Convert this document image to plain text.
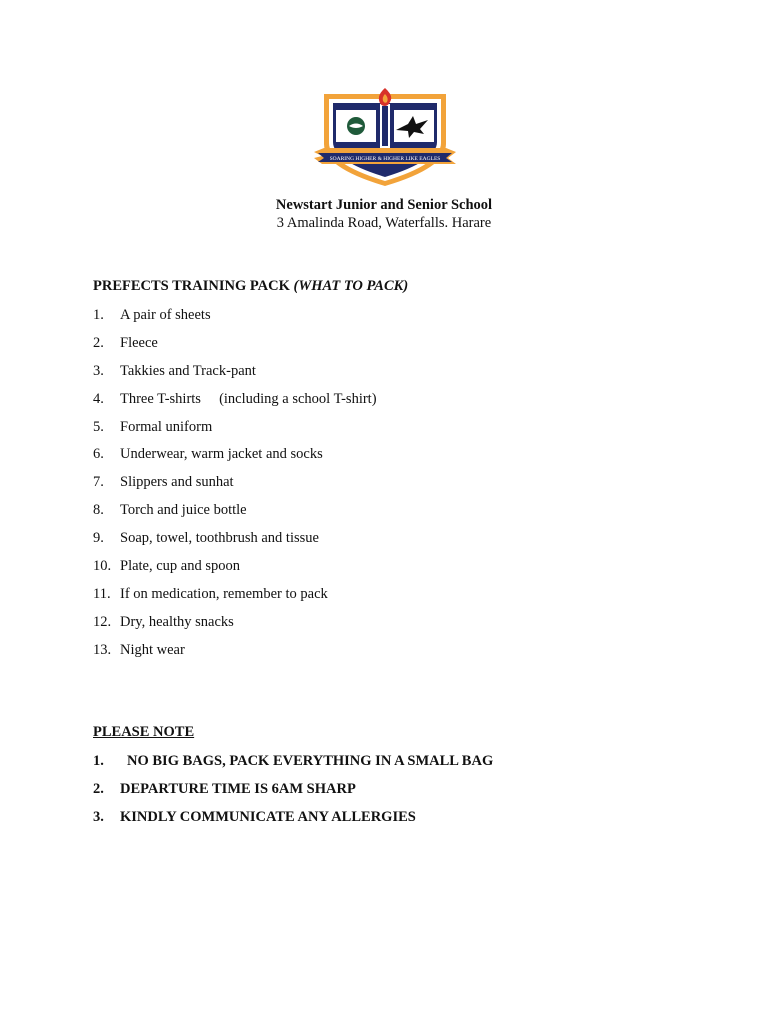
SOARING HIGHER & HIGHER LIKE EAGLES
Newstart Junior and Senior School
3 Amalinda Road, Waterfalls. Harare
PREFECTS TRAINING PACK (WHAT TO PACK)
1. A pair of sheets
2. Fleece
3. Takkies and Track-pant
4. Three T-shirts     (including a school T-shirt)
5. Formal uniform
6. Underwear, warm jacket and socks
7. Slippers and sunhat
8. Torch and juice bottle
9. Soap, towel, toothbrush and tissue
10. Plate, cup and spoon
11. If on medication, remember to pack
12. Dry, healthy snacks
13. Night wear
PLEASE NOTE
1. NO BIG BAGS, PACK EVERYTHING IN A SMALL BAG
2. DEPARTURE TIME IS 6AM SHARP
3. KINDLY COMMUNICATE ANY ALLERGIES
